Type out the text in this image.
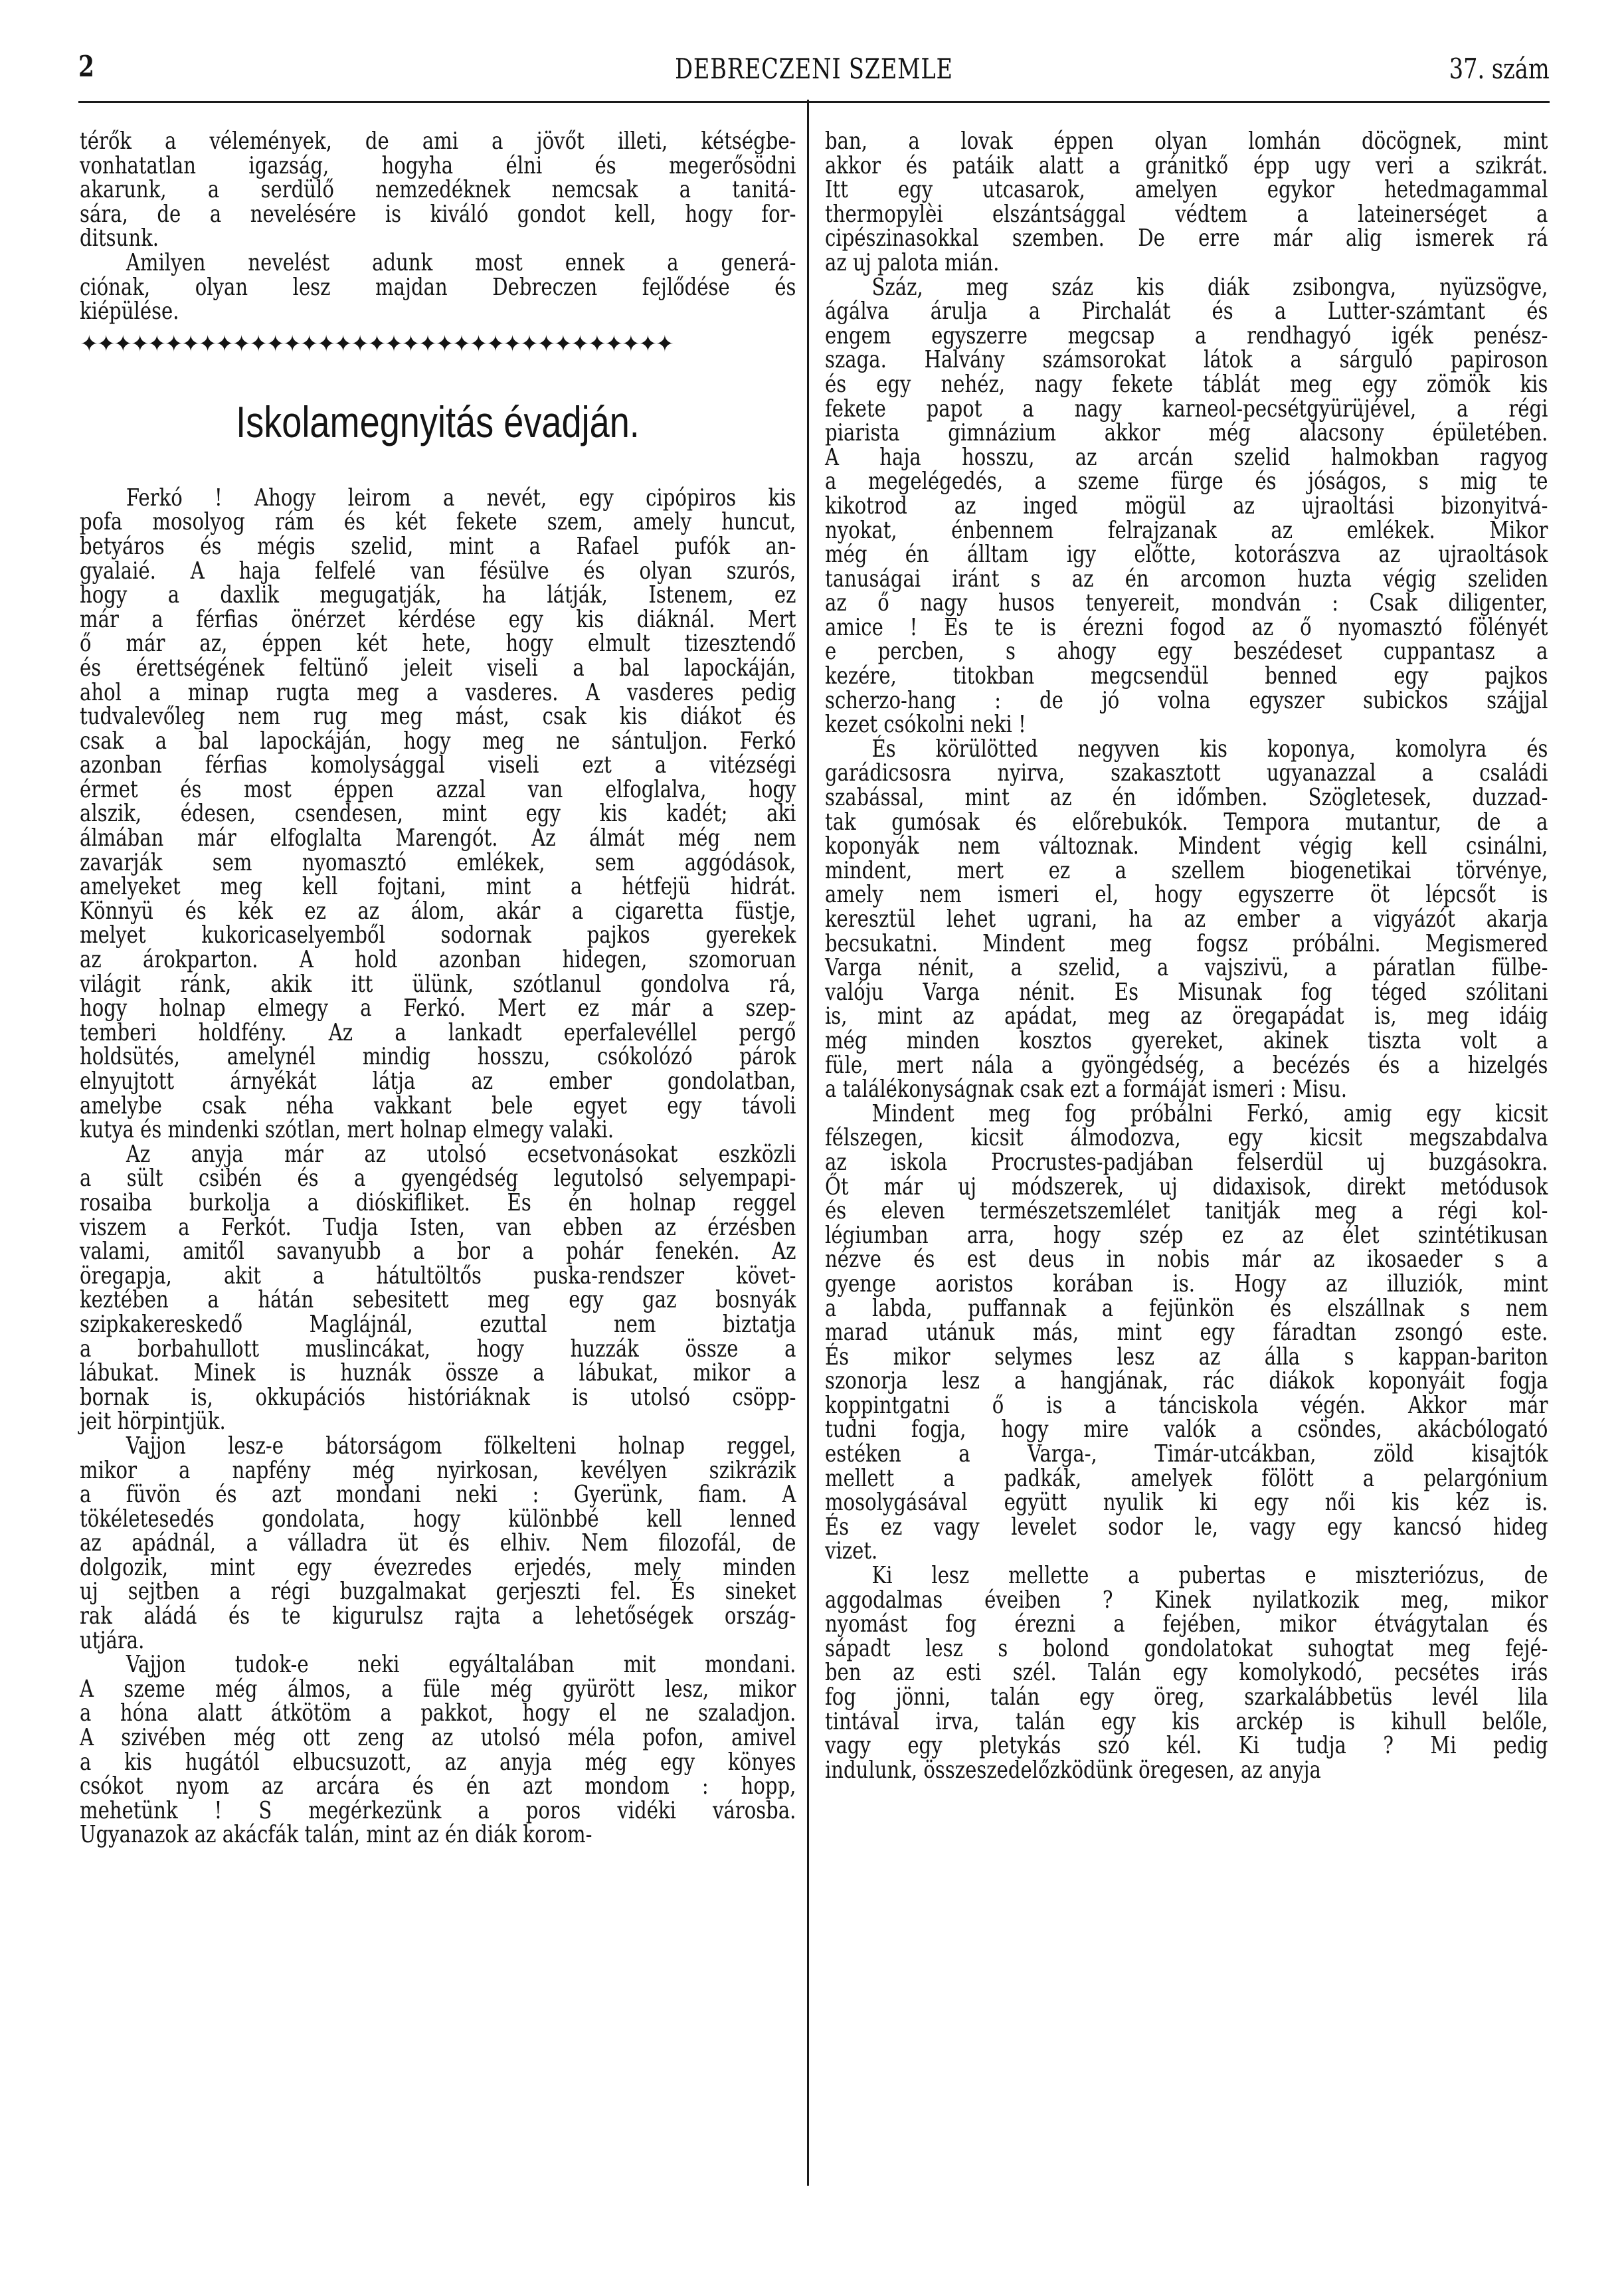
2	DEBRECZENI SZEMLE	37. szám
térők a vélemények, de ami a jövőt illeti, kétségbe-
vonhatatlan igazság, hogyha élni és megerősödni
akarunk, a serdülő nemzedéknek nemcsak a tanitá-
sára, de a nevelésére is kiváló gondot kell, hogy for-
ditsunk.
Amilyen nevelést adunk most ennek a generá-
ciónak, olyan lesz majdan Debreczen fejlődése és
kiépülése.
✦✦✦✦✦✦✦✦✦✦✦✦✦✦✦✦✦✦✦✦✦✦✦✦✦✦✦✦✦✦✦✦✦✦✦
Iskolamegnyitás évadján.
Ferkó ! Ahogy leirom a nevét, egy cipópiros kis
pofa mosolyog rám és két fekete szem, amely huncut,
betyáros és mégis szelid, mint a Rafael pufók an-
gyalaié. A haja felfelé van fésülve és olyan szurós,
hogy a daxlik megugatják, ha látják, Istenem, ez
már a férfias önérzet kérdése egy kis diáknál. Mert
ő már az, éppen két hete, hogy elmult tizesztendő
és érettségének feltünő jeleit viseli a bal lapockáján,
ahol a minap rugta meg a vasderes. A vasderes pedig
tudvalevőleg nem rug meg mást, csak kis diákot és
csak a bal lapockáján, hogy meg ne sántuljon. Ferkó
azonban férfias komolysággal viseli ezt a vitézségi
érmet és most éppen azzal van elfoglalva, hogy
alszik, édesen, csendesen, mint egy kis kadét; aki
álmában már elfoglalta Marengót. Az álmát még nem
zavarják sem nyomasztó emlékek, sem aggódások,
amelyeket meg kell fojtani, mint a hétfejü hidrát.
Könnyü és kék ez az álom, akár a cigaretta füstje,
melyet kukoricaselyemből sodornak pajkos gyerekek
az árokparton. A hold azonban hidegen, szomoruan
világit ránk, akik itt ülünk, szótlanul gondolva rá,
hogy holnap elmegy a Ferkó. Mert ez már a szep-
temberi holdfény. Az a lankadt eperfalevéllel pergő
holdsütés, amelynél mindig hosszu, csókolózó párok
elnyujtott árnyékát látja az ember gondolatban,
amelybe csak néha vakkant bele egyet egy távoli
kutya és mindenki szótlan, mert holnap elmegy valaki.
Az anyja már az utolsó ecsetvonásokat eszközli
a sült csibén és a gyengédség legutolsó selyempapi-
rosaiba burkolja a dióskifliket. És én holnap reggel
viszem a Ferkót. Tudja Isten, van ebben az érzésben
valami, amitől savanyubb a bor a pohár fenekén. Az
öregapja, akit a hátultöltős puska-rendszer követ-
keztében a hátán sebesitett meg egy gaz bosnyák
szipkakereskedő Maglájnál, ezuttal nem biztatja
a borbahullott muslincákat, hogy huzzák össze a
lábukat. Minek is huznák össze a lábukat, mikor a
bornak is, okkupációs históriáknak is utolsó csöpp-
jeit hörpintjük.
Vajjon lesz-e bátorságom fölkelteni holnap reggel,
mikor a napfény még nyirkosan, kevélyen szikrázik
a füvön és azt mondani neki : Gyerünk, fiam. A
tökéletesedés gondolata, hogy különbbé kell lenned
az apádnál, a válladra üt és elhiv. Nem filozofál, de
dolgozik, mint egy évezredes erjedés, mely minden
uj sejtben a régi buzgalmakat gerjeszti fel. És sineket
rak aládá és te kigurulsz rajta a lehetőségek ország-
utjára.
Vajjon tudok-e neki egyáltalában mit mondani.
A szeme még álmos, a füle még gyürött lesz, mikor
a hóna alatt átkötöm a pakkot, hogy el ne szaladjon.
A szivében még ott zeng az utolsó méla pofon, amivel
a kis hugától elbucsuzott, az anyja még egy könyes
csókot nyom az arcára és én azt mondom : hopp,
mehetünk ! S megérkezünk a poros vidéki városba.
Ugyanazok az akácfák talán, mint az én diák korom-
ban, a lovak éppen olyan lomhán döcögnek, mint
akkor és patáik alatt a gránitkő épp ugy veri a szikrát.
Itt egy utcasarok, amelyen egykor hetedmagammal
thermopylèi elszántsággal védtem a lateinerséget a
cipészinasokkal szemben. De erre már alig ismerek rá
az uj palota mián.
Száz, meg száz kis diák zsibongva, nyüzsögve,
ágálva árulja a Pirchalát és a Lutter-számtant és
engem egyszerre megcsap a rendhagyó igék penész-
szaga. Halvány számsorokat látok a sárguló papiroson
és egy nehéz, nagy fekete táblát meg egy zömök kis
fekete papot a nagy karneol-pecsétgyürüjével, a régi
piarista gimnázium akkor még alacsony épületében.
A haja hosszu, az arcán szelid halmokban ragyog
a megelégedés, a szeme fürge és jóságos, s mig te
kikotrod az inged mögül az ujraoltási bizonyitvá-
nyokat, énbennem felrajzanak az emlékek. Mikor
még én álltam igy előtte, kotorászva az ujraoltások
tanuságai iránt s az én arcomon huzta végig szeliden
az ő nagy husos tenyereit, mondván : Csak diligenter,
amice ! És te is érezni fogod az ő nyomasztó fölényét
e percben, s ahogy egy beszédeset cuppantasz a
kezére, titokban megcsendül benned egy pajkos
scherzo-hang : de jó volna egyszer subickos szájjal
kezet csókolni neki !
És körülötted negyven kis koponya, komolyra és
garádicsosra nyirva, szakasztott ugyanazzal a családi
szabással, mint az én időmben. Szögletesek, duzzad-
tak gumósak és előrebukók. Tempora mutantur, de a
koponyák nem változnak. Mindent végig kell csinálni,
mindent, mert ez a szellem biogenetikai törvénye,
amely nem ismeri el, hogy egyszerre öt lépcsőt is
keresztül lehet ugrani, ha az ember a vigyázót akarja
becsukatni. Mindent meg fogsz próbálni. Megismered
Varga nénit, a szelid, a vajszivü, a páratlan fülbe-
valóju Varga nénit. Es Misunak fog téged szólitani
is, mint az apádat, meg az öregapádat is, meg idáig
még minden kosztos gyereket, akinek tiszta volt a
füle, mert nála a gyöngédség, a becézés és a hizelgés
a találékonyságnak csak ezt a formáját ismeri : Misu.
Mindent meg fog próbálni Ferkó, amig egy kicsit
félszegen, kicsit álmodozva, egy kicsit megszabdalva
az iskola Procrustes-padjában felserdül uj buzgásokra.
Őt már uj módszerek, uj didaxisok, direkt metódusok
és eleven természetszemlélet tanitják meg a régi kol-
légiumban arra, hogy szép ez az élet szintétikusan
nézve és est deus in nobis már az ikosaeder s a
gyenge aoristos korában is. Hogy az illuziók, mint
a labda, puffannak a fejünkön és elszállnak s nem
marad utánuk más, mint egy fáradtan zsongó este.
És mikor selymes lesz az álla s kappan-bariton
szonorja lesz a hangjának, rác diákok koponyáit fogja
koppintgatni ő is a tánciskola végén. Akkor már
tudni fogja, hogy mire valók a csöndes, akácbólogató
estéken a Varga-, Timár-utcákban, zöld kisajtók
mellett a padkák, amelyek fölött a pelargónium
mosolygásával együtt nyulik ki egy női kis kéz is.
És ez vagy levelet sodor le, vagy egy kancsó hideg
vizet.
Ki lesz mellette a pubertas e miszteriózus, de
aggodalmas éveiben ? Kinek nyilatkozik meg, mikor
nyomást fog érezni a fejében, mikor étvágytalan és
sápadt lesz s bolond gondolatokat suhogtat meg fejé-
ben az esti szél. Talán egy komolykodó, pecsétes irás
fog jönni, talán egy öreg, szarkalábbetüs levél lila
tintával irva, talán egy kis arckép is kihull belőle,
vagy egy pletykás szó kél. Ki tudja ? Mi pedig
indulunk, összeszedelőzködünk öregesen, az anyja
